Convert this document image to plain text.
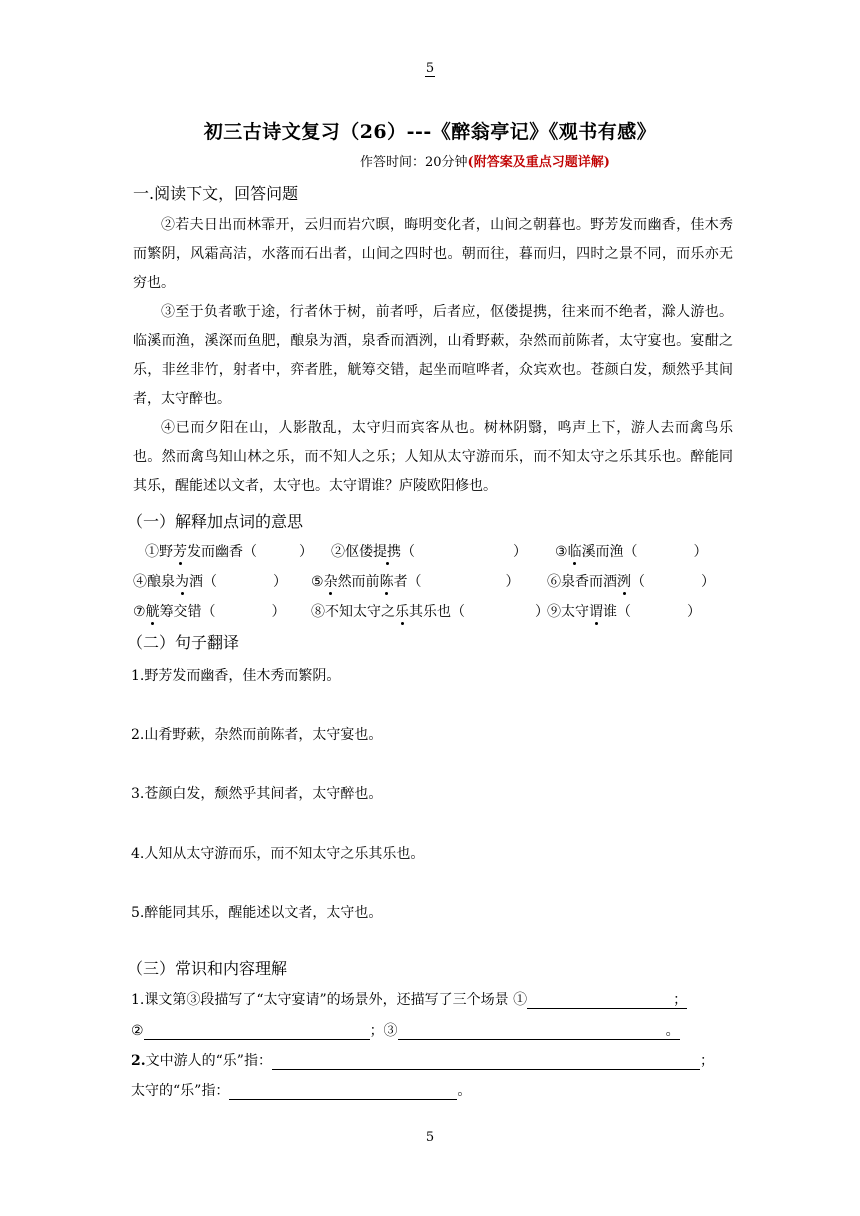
5
初三古诗文复习（26）---《醉翁亭记》《观书有感》
作答时间：20分钟(附答案及重点习题详解)
一.阅读下文，回答问题

②若夫日出而林霏开，云归而岩穴暝，晦明变化者，山间之朝暮也。野芳发而幽香，佳木秀而繁阴，风霜高洁，水落而石出者，山间之四时也。朝而往，暮而归，四时之景不同，而乐亦无穷也。

③至于负者歌于途，行者休于树，前者呼，后者应，伛偻提携，往来而不绝者，滁人游也。临溪而渔，溪深而鱼肥，酿泉为酒，泉香而酒洌，山肴野蔌，杂然而前陈者，太守宴也。宴酣之乐，非丝非竹，射者中，弈者胜，觥筹交错，起坐而喧哗者，众宾欢也。苍颜白发，颓然乎其间者，太守醉也。

④已而夕阳在山，人影散乱，太守归而宾客从也。树林阴翳，鸣声上下，游人去而禽鸟乐也。然而禽鸟知山林之乐，而不知人之乐；人知从太守游而乐，而不知太守之乐其乐也。醉能同其乐，醒能述以文者，太守也。太守谓谁？庐陵欧阳修也。

（一）解释加点词的意思
①野芳发而幽香（　　　） ②伛偻提携（　　　　　　　） ③临溪而渔（　　　　）
④酿泉为酒（　　　　） ⑤杂然而前陈者（　　　　　　） ⑥泉香而酒洌（　　　　）
⑦觥筹交错（　　　　） ⑧不知太守之乐其乐也（　　　　　）
⑨太守谓谁（　　　　）
（二）句子翻译
1.野芳发而幽香，佳木秀而繁阴。
2.山肴野蔌，杂然而前陈者，太守宴也。
3.苍颜白发，颓然乎其间者，太守醉也。
4.人知从太守游而乐，而不知太守之乐其乐也。
5.醉能同其乐，醒能述以文者，太守也。
（三）常识和内容理解
1.课文第③段描写了“太守宴请”的场景外，还描写了三个场景 ①	；
②	；③	。
2.文中游人的“乐”指：	；
太守的“乐”指：	。
5
